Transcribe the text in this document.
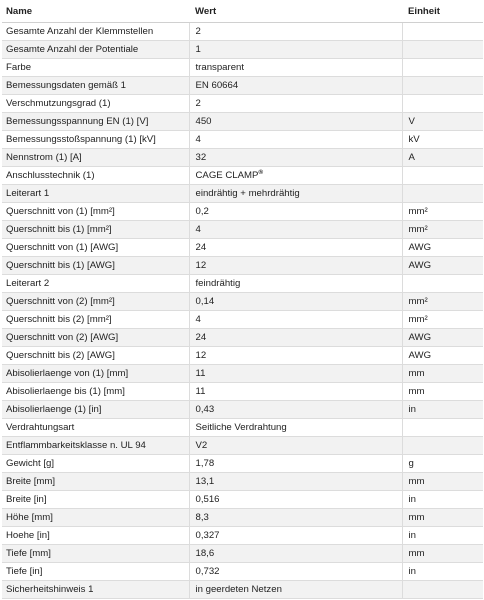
Name	Wert	Einheit
Gesamte Anzahl der Klemmstellen	2	
Gesamte Anzahl der Potentiale	1	
Farbe	transparent	
Bemessungsdaten gemäß 1	EN 60664	
Verschmutzungsgrad (1)	2	
Bemessungsspannung EN (1) [V]	450	V
Bemessungsstoßspannung (1) [kV]	4	kV
Nennstrom (1) [A]	32	A
Anschlusstechnik (1)	CAGE CLAMP®	
Leiterart 1	eindrähtig + mehrdrähtig	
Querschnitt von (1) [mm²]	0,2	mm²
Querschnitt bis (1) [mm²]	4	mm²
Querschnitt von (1) [AWG]	24	AWG
Querschnitt bis (1) [AWG]	12	AWG
Leiterart 2	feindrähtig	
Querschnitt von (2) [mm²]	0,14	mm²
Querschnitt bis (2) [mm²]	4	mm²
Querschnitt von (2) [AWG]	24	AWG
Querschnitt bis (2) [AWG]	12	AWG
Abisolierlaenge von (1) [mm]	11	mm
Abisolierlaenge bis (1) [mm]	11	mm
Abisolierlaenge (1) [in]	0,43	in
Verdrahtungsart	Seitliche Verdrahtung	
Entflammbarkeitsklasse n. UL 94	V2	
Gewicht [g]	1,78	g
Breite [mm]	13,1	mm
Breite [in]	0,516	in
Höhe [mm]	8,3	mm
Hoehe [in]	0,327	in
Tiefe [mm]	18,6	mm
Tiefe [in]	0,732	in
Sicherheitshinweis 1	in geerdeten Netzen	
